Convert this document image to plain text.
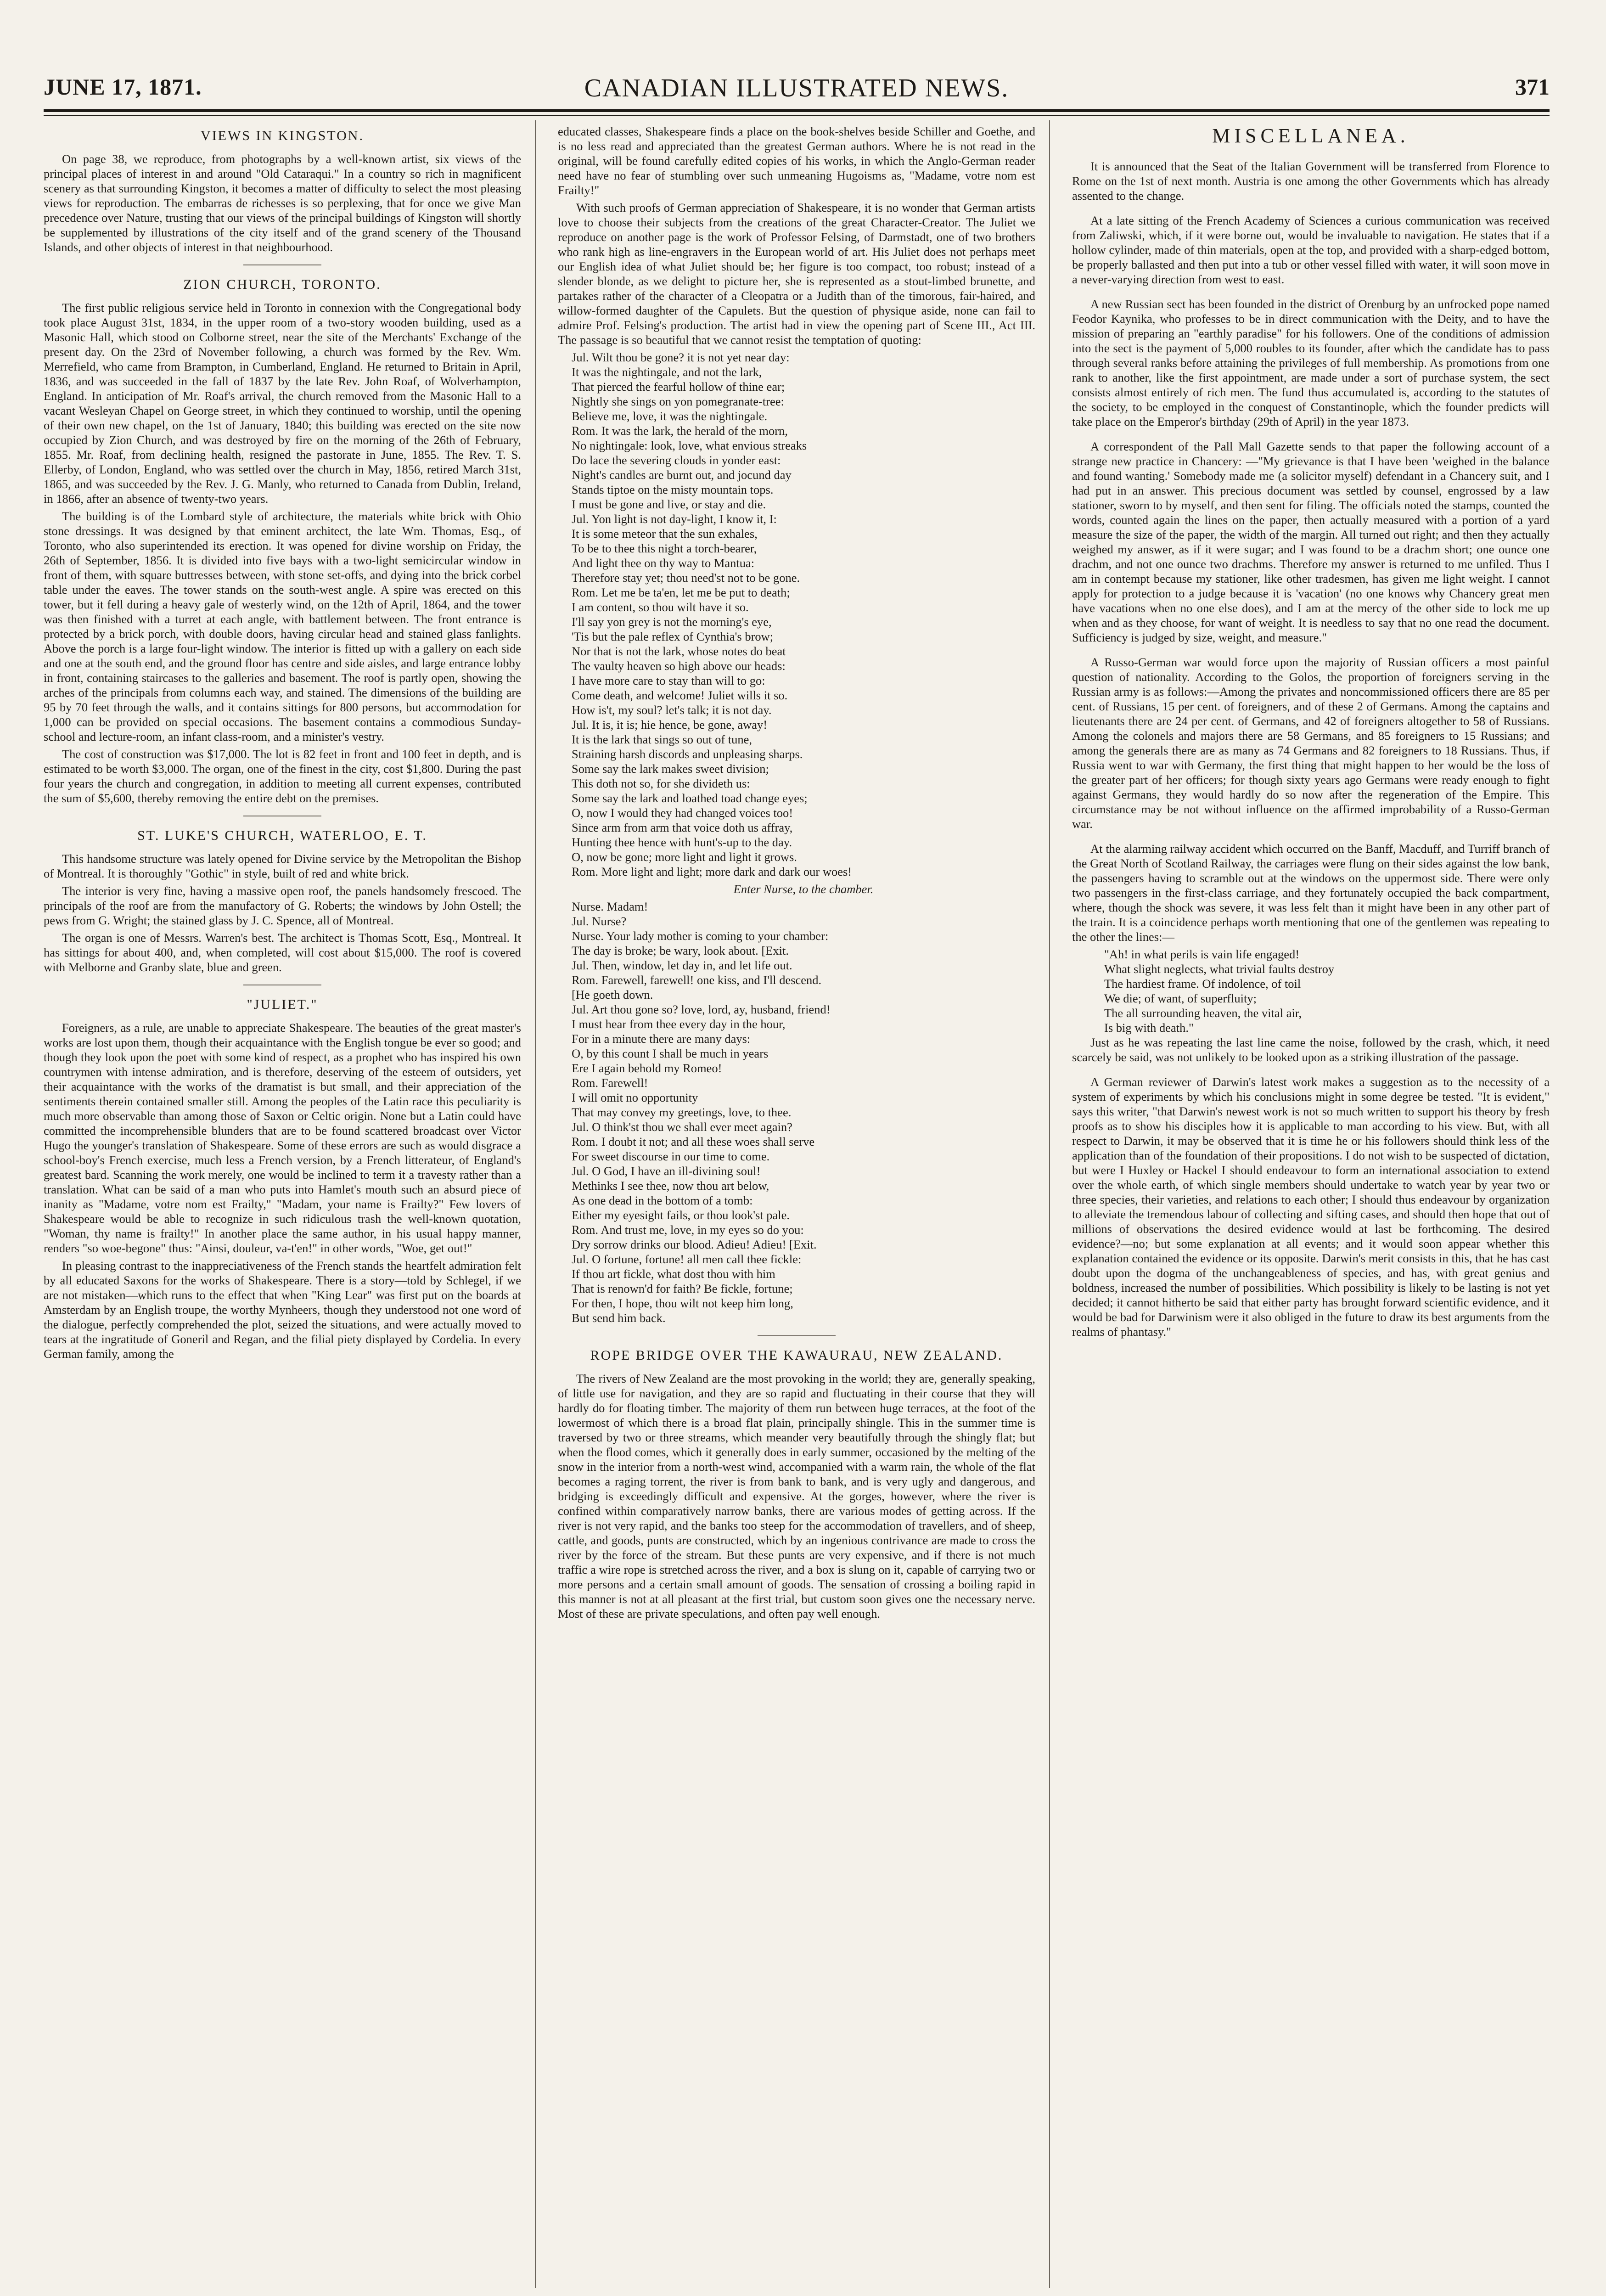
JUNE 17, 1871.	CANADIAN ILLUSTRATED NEWS.	371
VIEWS IN KINGSTON.

On page 38, we reproduce, from photographs by a well-known artist, six views of the principal places of interest in and around "Old Cataraqui." In a country so rich in magnificent scenery as that surrounding Kingston, it becomes a matter of difficulty to select the most pleasing views for reproduction. The embarras de richesses is so perplexing, that for once we give Man precedence over Nature, trusting that our views of the principal buildings of Kingston will shortly be supplemented by illustrations of the city itself and of the grand scenery of the Thousand Islands, and other objects of interest in that neighbourhood.

ZION CHURCH, TORONTO.

The first public religious service held in Toronto in connexion with the Congregational body took place August 31st, 1834, in the upper room of a two-story wooden building, used as a Masonic Hall, which stood on Colborne street, near the site of the Merchants' Exchange of the present day. On the 23rd of November following, a church was formed by the Rev. Wm. Merrefield, who came from Brampton, in Cumberland, England. He returned to Britain in April, 1836, and was succeeded in the fall of 1837 by the late Rev. John Roaf, of Wolverhampton, England. In anticipation of Mr. Roaf's arrival, the church removed from the Masonic Hall to a vacant Wesleyan Chapel on George street, in which they continued to worship, until the opening of their own new chapel, on the 1st of January, 1840; this building was erected on the site now occupied by Zion Church, and was destroyed by fire on the morning of the 26th of February, 1855. Mr. Roaf, from declining health, resigned the pastorate in June, 1855. The Rev. T. S. Ellerby, of London, England, who was settled over the church in May, 1856, retired March 31st, 1865, and was succeeded by the Rev. J. G. Manly, who returned to Canada from Dublin, Ireland, in 1866, after an absence of twenty-two years.

The building is of the Lombard style of architecture, the materials white brick with Ohio stone dressings. It was designed by that eminent architect, the late Wm. Thomas, Esq., of Toronto, who also superintended its erection. It was opened for divine worship on Friday, the 26th of September, 1856. It is divided into five bays with a two-light semicircular window in front of them, with square buttresses between, with stone set-offs, and dying into the brick corbel table under the eaves. The tower stands on the south-west angle. A spire was erected on this tower, but it fell during a heavy gale of westerly wind, on the 12th of April, 1864, and the tower was then finished with a turret at each angle, with battlement between. The front entrance is protected by a brick porch, with double doors, having circular head and stained glass fanlights. Above the porch is a large four-light window. The interior is fitted up with a gallery on each side and one at the south end, and the ground floor has centre and side aisles, and large entrance lobby in front, containing staircases to the galleries and basement. The roof is partly open, showing the arches of the principals from columns each way, and stained. The dimensions of the building are 95 by 70 feet through the walls, and it contains sittings for 800 persons, but accommodation for 1,000 can be provided on special occasions. The basement contains a commodious Sunday-school and lecture-room, an infant class-room, and a minister's vestry.

The cost of construction was $17,000. The lot is 82 feet in front and 100 feet in depth, and is estimated to be worth $3,000. The organ, one of the finest in the city, cost $1,800. During the past four years the church and congregation, in addition to meeting all current expenses, contributed the sum of $5,600, thereby removing the entire debt on the premises.

ST. LUKE'S CHURCH, WATERLOO, E. T.

This handsome structure was lately opened for Divine service by the Metropolitan the Bishop of Montreal. It is thoroughly "Gothic" in style, built of red and white brick.

The interior is very fine, having a massive open roof, the panels handsomely frescoed. The principals of the roof are from the manufactory of G. Roberts; the windows by John Ostell; the pews from G. Wright; the stained glass by J. C. Spence, all of Montreal.

The organ is one of Messrs. Warren's best. The architect is Thomas Scott, Esq., Montreal. It has sittings for about 400, and, when completed, will cost about $15,000. The roof is covered with Melborne and Granby slate, blue and green.

"JULIET."

Foreigners, as a rule, are unable to appreciate Shakespeare. The beauties of the great master's works are lost upon them, though their acquaintance with the English tongue be ever so good; and though they look upon the poet with some kind of respect, as a prophet who has inspired his own countrymen with intense admiration, and is therefore, deserving of the esteem of outsiders, yet their acquaintance with the works of the dramatist is but small, and their appreciation of the sentiments therein contained smaller still. Among the peoples of the Latin race this peculiarity is much more observable than among those of Saxon or Celtic origin. None but a Latin could have committed the incomprehensible blunders that are to be found scattered broadcast over Victor Hugo the younger's translation of Shakespeare. Some of these errors are such as would disgrace a school-boy's French exercise, much less a French version, by a French litterateur, of England's greatest bard. Scanning the work merely, one would be inclined to term it a travesty rather than a translation. What can be said of a man who puts into Hamlet's mouth such an absurd piece of inanity as "Madame, votre nom est Frailty," "Madam, your name is Frailty?" Few lovers of Shakespeare would be able to recognize in such ridiculous trash the well-known quotation, "Woman, thy name is frailty!" In another place the same author, in his usual happy manner, renders "so woe-begone" thus: "Ainsi, douleur, va-t'en!" in other words, "Woe, get out!"

In pleasing contrast to the inappreciativeness of the French stands the heartfelt admiration felt by all educated Saxons for the works of Shakespeare. There is a story—told by Schlegel, if we are not mistaken—which runs to the effect that when "King Lear" was first put on the boards at Amsterdam by an English troupe, the worthy Mynheers, though they understood not one word of the dialogue, perfectly comprehended the plot, seized the situations, and were actually moved to tears at the ingratitude of Goneril and Regan, and the filial piety displayed by Cordelia. In every German family, among the

educated classes, Shakespeare finds a place on the book-shelves beside Schiller and Goethe, and is no less read and appreciated than the greatest German authors. Where he is not read in the original, will be found carefully edited copies of his works, in which the Anglo-German reader need have no fear of stumbling over such unmeaning Hugoisms as, "Madame, votre nom est Frailty!"

With such proofs of German appreciation of Shakespeare, it is no wonder that German artists love to choose their subjects from the creations of the great Character-Creator. The Juliet we reproduce on another page is the work of Professor Felsing, of Darmstadt, one of two brothers who rank high as line-engravers in the European world of art. His Juliet does not perhaps meet our English idea of what Juliet should be; her figure is too compact, too robust; instead of a slender blonde, as we delight to picture her, she is represented as a stout-limbed brunette, and partakes rather of the character of a Cleopatra or a Judith than of the timorous, fair-haired, and willow-formed daughter of the Capulets. But the question of physique aside, none can fail to admire Prof. Felsing's production. The artist had in view the opening part of Scene III., Act III. The passage is so beautiful that we cannot resist the temptation of quoting:

Jul. Wilt thou be gone? it is not yet near day:
It was the nightingale, and not the lark,
That pierced the fearful hollow of thine ear;
Nightly she sings on yon pomegranate-tree:
Believe me, love, it was the nightingale.
Rom. It was the lark, the herald of the morn,
No nightingale: look, love, what envious streaks
Do lace the severing clouds in yonder east:
Night's candles are burnt out, and jocund day
Stands tiptoe on the misty mountain tops.
I must be gone and live, or stay and die.
Jul. Yon light is not day-light, I know it, I:
It is some meteor that the sun exhales,
To be to thee this night a torch-bearer,
And light thee on thy way to Mantua:
Therefore stay yet; thou need'st not to be gone.
Rom. Let me be ta'en, let me be put to death;
I am content, so thou wilt have it so.
I'll say yon grey is not the morning's eye,
'Tis but the pale reflex of Cynthia's brow;
Nor that is not the lark, whose notes do beat
The vaulty heaven so high above our heads:
I have more care to stay than will to go:
Come death, and welcome! Juliet wills it so.
How is't, my soul? let's talk; it is not day.
Jul. It is, it is; hie hence, be gone, away!
It is the lark that sings so out of tune,
Straining harsh discords and unpleasing sharps.
Some say the lark makes sweet division;
This doth not so, for she divideth us:
Some say the lark and loathed toad change eyes;
O, now I would they had changed voices too!
Since arm from arm that voice doth us affray,
Hunting thee hence with hunt's-up to the day.
O, now be gone; more light and light it grows.
Rom. More light and light; more dark and dark our woes!
Enter Nurse, to the chamber.
Nurse. Madam!
Jul. Nurse?
Nurse. Your lady mother is coming to your chamber:
The day is broke; be wary, look about. [Exit.
Jul. Then, window, let day in, and let life out.
Rom. Farewell, farewell! one kiss, and I'll descend.
[He goeth down.
Jul. Art thou gone so? love, lord, ay, husband, friend!
I must hear from thee every day in the hour,
For in a minute there are many days:
O, by this count I shall be much in years
Ere I again behold my Romeo!
Rom. Farewell!
I will omit no opportunity
That may convey my greetings, love, to thee.
Jul. O think'st thou we shall ever meet again?
Rom. I doubt it not; and all these woes shall serve
For sweet discourse in our time to come.
Jul. O God, I have an ill-divining soul!
Methinks I see thee, now thou art below,
As one dead in the bottom of a tomb:
Either my eyesight fails, or thou look'st pale.
Rom. And trust me, love, in my eyes so do you:
Dry sorrow drinks our blood. Adieu! Adieu! [Exit.
Jul. O fortune, fortune! all men call thee fickle:
If thou art fickle, what dost thou with him
That is renown'd for faith? Be fickle, fortune;
For then, I hope, thou wilt not keep him long,
But send him back.
ROPE BRIDGE OVER THE KAWAURAU, NEW ZEALAND.

The rivers of New Zealand are the most provoking in the world; they are, generally speaking, of little use for navigation, and they are so rapid and fluctuating in their course that they will hardly do for floating timber. The majority of them run between huge terraces, at the foot of the lowermost of which there is a broad flat plain, principally shingle. This in the summer time is traversed by two or three streams, which meander very beautifully through the shingly flat; but when the flood comes, which it generally does in early summer, occasioned by the melting of the snow in the interior from a north-west wind, accompanied with a warm rain, the whole of the flat becomes a raging torrent, the river is from bank to bank, and is very ugly and dangerous, and bridging is exceedingly difficult and expensive. At the gorges, however, where the river is confined within comparatively narrow banks, there are various modes of getting across. If the river is not very rapid, and the banks too steep for the accommodation of travellers, and of sheep, cattle, and goods, punts are constructed, which by an ingenious contrivance are made to cross the river by the force of the stream. But these punts are very expensive, and if there is not much traffic a wire rope is stretched across the river, and a box is slung on it, capable of carrying two or more persons and a certain small amount of goods. The sensation of crossing a boiling rapid in this manner is not at all pleasant at the first trial, but custom soon gives one the necessary nerve. Most of these are private speculations, and often pay well enough.

MISCELLANEA.

It is announced that the Seat of the Italian Government will be transferred from Florence to Rome on the 1st of next month. Austria is one among the other Governments which has already assented to the change.

At a late sitting of the French Academy of Sciences a curious communication was received from Zaliwski, which, if it were borne out, would be invaluable to navigation. He states that if a hollow cylinder, made of thin materials, open at the top, and provided with a sharp-edged bottom, be properly ballasted and then put into a tub or other vessel filled with water, it will soon move in a never-varying direction from west to east.

A new Russian sect has been founded in the district of Orenburg by an unfrocked pope named Feodor Kaynika, who professes to be in direct communication with the Deity, and to have the mission of preparing an "earthly paradise" for his followers. One of the conditions of admission into the sect is the payment of 5,000 roubles to its founder, after which the candidate has to pass through several ranks before attaining the privileges of full membership. As promotions from one rank to another, like the first appointment, are made under a sort of purchase system, the sect consists almost entirely of rich men. The fund thus accumulated is, according to the statutes of the society, to be employed in the conquest of Constantinople, which the founder predicts will take place on the Emperor's birthday (29th of April) in the year 1873.

A correspondent of the Pall Mall Gazette sends to that paper the following account of a strange new practice in Chancery: —"My grievance is that I have been 'weighed in the balance and found wanting.' Somebody made me (a solicitor myself) defendant in a Chancery suit, and I had put in an answer. This precious document was settled by counsel, engrossed by a law stationer, sworn to by myself, and then sent for filing. The officials noted the stamps, counted the words, counted again the lines on the paper, then actually measured with a portion of a yard measure the size of the paper, the width of the margin. All turned out right; and then they actually weighed my answer, as if it were sugar; and I was found to be a drachm short; one ounce one drachm, and not one ounce two drachms. Therefore my answer is returned to me unfiled. Thus I am in contempt because my stationer, like other tradesmen, has given me light weight. I cannot apply for protection to a judge because it is 'vacation' (no one knows why Chancery great men have vacations when no one else does), and I am at the mercy of the other side to lock me up when and as they choose, for want of weight. It is needless to say that no one read the document. Sufficiency is judged by size, weight, and measure."

A Russo-German war would force upon the majority of Russian officers a most painful question of nationality. According to the Golos, the proportion of foreigners serving in the Russian army is as follows:—Among the privates and noncommissioned officers there are 85 per cent. of Russians, 15 per cent. of foreigners, and of these 2 of Germans. Among the captains and lieutenants there are 24 per cent. of Germans, and 42 of foreigners altogether to 58 of Russians. Among the colonels and majors there are 58 Germans, and 85 foreigners to 15 Russians; and among the generals there are as many as 74 Germans and 82 foreigners to 18 Russians. Thus, if Russia went to war with Germany, the first thing that might happen to her would be the loss of the greater part of her officers; for though sixty years ago Germans were ready enough to fight against Germans, they would hardly do so now after the regeneration of the Empire. This circumstance may be not without influence on the affirmed improbability of a Russo-German war.

At the alarming railway accident which occurred on the Banff, Macduff, and Turriff branch of the Great North of Scotland Railway, the carriages were flung on their sides against the low bank, the passengers having to scramble out at the windows on the uppermost side. There were only two passengers in the first-class carriage, and they fortunately occupied the back compartment, where, though the shock was severe, it was less felt than it might have been in any other part of the train. It is a coincidence perhaps worth mentioning that one of the gentlemen was repeating to the other the lines:—

"Ah! in what perils is vain life engaged!
What slight neglects, what trivial faults destroy
The hardiest frame. Of indolence, of toil
We die; of want, of superfluity;
The all surrounding heaven, the vital air,
Is big with death."

Just as he was repeating the last line came the noise, followed by the crash, which, it need scarcely be said, was not unlikely to be looked upon as a striking illustration of the passage.

A German reviewer of Darwin's latest work makes a suggestion as to the necessity of a system of experiments by which his conclusions might in some degree be tested. "It is evident," says this writer, "that Darwin's newest work is not so much written to support his theory by fresh proofs as to show his disciples how it is applicable to man according to his view. But, with all respect to Darwin, it may be observed that it is time he or his followers should think less of the application than of the foundation of their propositions. I do not wish to be suspected of dictation, but were I Huxley or Hackel I should endeavour to form an international association to extend over the whole earth, of which single members should undertake to watch year by year two or three species, their varieties, and relations to each other; I should thus endeavour by organization to alleviate the tremendous labour of collecting and sifting cases, and should then hope that out of millions of observations the desired evidence would at last be forthcoming. The desired evidence?—no; but some explanation at all events; and it would soon appear whether this explanation contained the evidence or its opposite. Darwin's merit consists in this, that he has cast doubt upon the dogma of the unchangeableness of species, and has, with great genius and boldness, increased the number of possibilities. Which possibility is likely to be lasting is not yet decided; it cannot hitherto be said that either party has brought forward scientific evidence, and it would be bad for Darwinism were it also obliged in the future to draw its best arguments from the realms of phantasy."
